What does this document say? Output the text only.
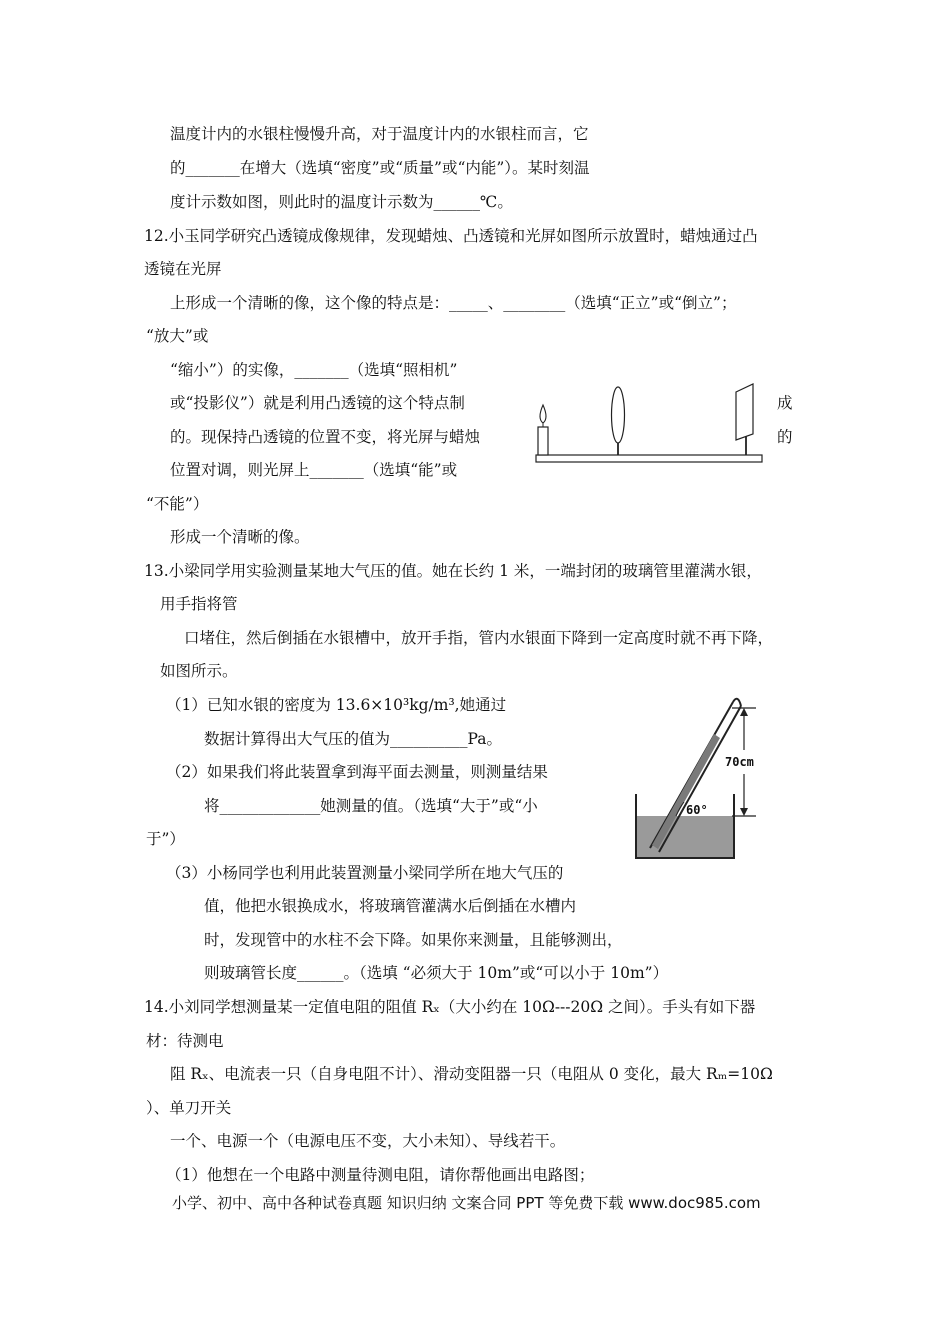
温度计内的水银柱慢慢升高，对于温度计内的水银柱而言，它
的_______在增大（选填“密度”或“质量”或“内能”）。某时刻温
度计示数如图，则此时的温度计示数为______℃。
12.小玉同学研究凸透镜成像规律，发现蜡烛、凸透镜和光屏如图所示放置时，蜡烛通过凸
透镜在光屏
上形成一个清晰的像，这个像的特点是：_____、________（选填“正立”或“倒立”；
“放大”或
“缩小”）的实像，_______（选填“照相机”
或“投影仪”）就是利用凸透镜的这个特点制	成
的。现保持凸透镜的位置不变，将光屏与蜡烛	的
位置对调，则光屏上_______（选填“能”或
“不能”）
形成一个清晰的像。
13.小梁同学用实验测量某地大气压的值。她在长约 1 米，一端封闭的玻璃管里灌满水银，
用手指将管
口堵住，然后倒插在水银槽中，放开手指，管内水银面下降到一定高度时就不再下降，
如图所示。
（1）已知水银的密度为 13.6×10³kg/m³,她通过
数据计算得出大气压的值为__________Pa。
（2）如果我们将此装置拿到海平面去测量，则测量结果
将_____________她测量的值。（选填“大于”或“小
于”）
（3）小杨同学也利用此装置测量小梁同学所在地大气压的
值，他把水银换成水，将玻璃管灌满水后倒插在水槽内
时，发现管中的水柱不会下降。如果你来测量，且能够测出，
则玻璃管长度______。（选填 “必须大于 10m”或“可以小于 10m”）
70cm
60°
14.小刘同学想测量某一定值电阻的阻值 Rₓ（大小约在 10Ω---20Ω 之间）。手头有如下器
材：待测电
阻 Rₓ、电流表一只（自身电阻不计）、滑动变阻器一只（电阻从 0 变化，最大 Rₘ=10Ω
）、单刀开关
一个、电源一个（电源电压不变，大小未知）、导线若干。
（1）他想在一个电路中测量待测电阻，请你帮他画出电路图；
小学、初中、高中各种试卷真题 知识归纳 文案合同 PPT 等免费下载 www.doc985.com
